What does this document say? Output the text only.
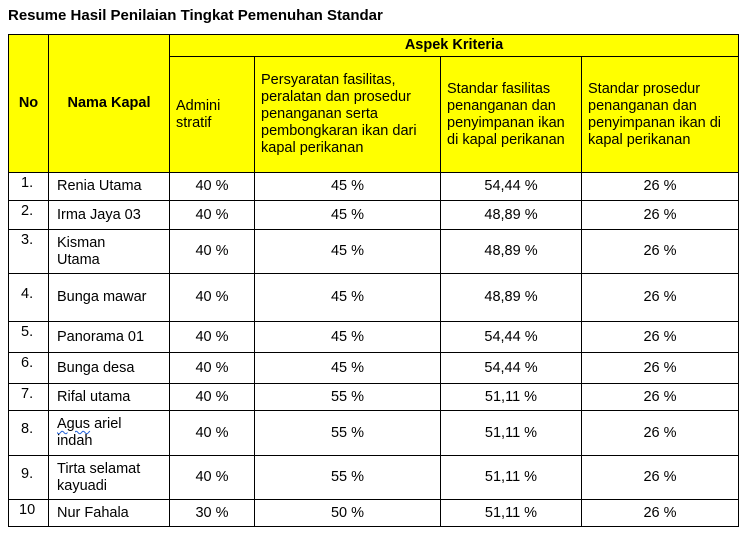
Resume Hasil Penilaian Tingkat Pemenuhan Standar
No	Nama Kapal	Aspek Kriteria			
		Admini stratif	Persyaratan fasilitas, peralatan dan prosedur penanganan serta pembongkaran ikan dari kapal perikanan	Standar fasilitas penanganan dan penyimpanan ikan di kapal perikanan	Standar prosedur penanganan dan penyimpanan ikan di kapal perikanan
1.	Renia Utama	40 %	45 %	54,44 %	26 %
2.	Irma Jaya 03	40 %	45 %	48,89 %	26 %
3.	Kisman Utama	40 %	45 %	48,89 %	26 %
4.	Bunga mawar	40 %	45 %	48,89 %	26 %
5.	Panorama 01	40 %	45 %	54,44 %	26 %
6.	Bunga desa	40 %	45 %	54,44 %	26 %
7.	Rifal utama	40 %	55 %	51,11 %	26 %
8.	Agus ariel indah	40 %	55 %	51,11 %	26 %
9.	Tirta selamat kayuadi	40 %	55 %	51,11 %	26 %
10	Nur Fahala	30 %	50 %	51,11 %	26 %
